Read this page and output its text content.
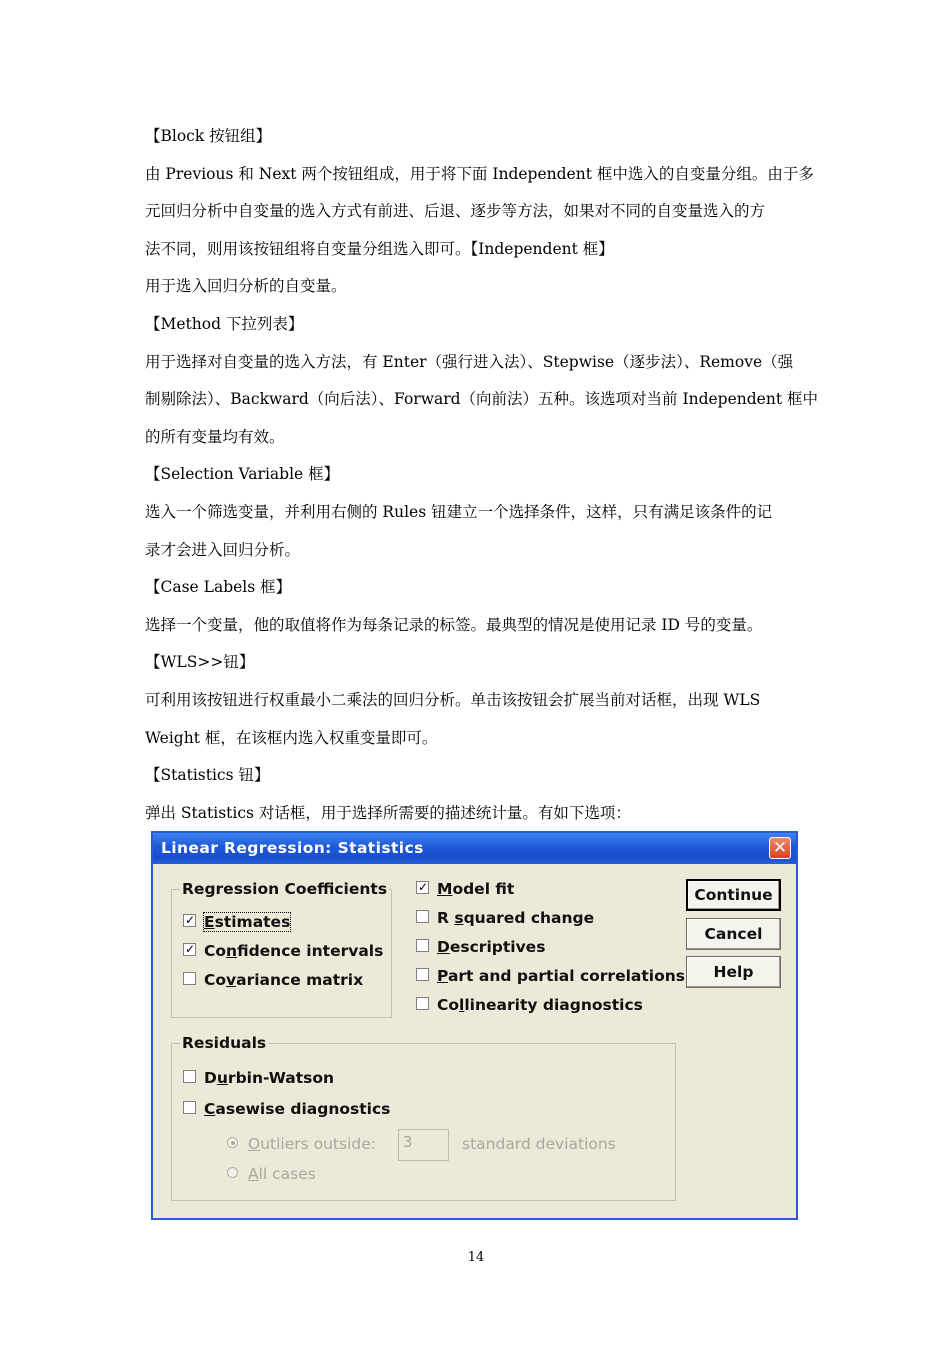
【Block 按钮组】

由 Previous 和 Next 两个按钮组成，用于将下面 Independent 框中选入的自变量分组。由于多

元回归分析中自变量的选入方式有前进、后退、逐步等方法，如果对不同的自变量选入的方

法不同，则用该按钮组将自变量分组选入即可。【Independent 框】

用于选入回归分析的自变量。

【Method 下拉列表】

用于选择对自变量的选入方法，有 Enter（强行进入法）、Stepwise（逐步法）、Remove（强

制剔除法）、Backward（向后法）、Forward（向前法）五种。该选项对当前 Independent 框中

的所有变量均有效。

【Selection Variable 框】

选入一个筛选变量，并利用右侧的 Rules 钮建立一个选择条件，这样，只有满足该条件的记

录才会进入回归分析。

【Case Labels 框】

选择一个变量，他的取值将作为每条记录的标签。最典型的情况是使用记录 ID 号的变量。

【WLS>>钮】

可利用该按钮进行权重最小二乘法的回归分析。单击该按钮会扩展当前对话框，出现 WLS

Weight 框，在该框内选入权重变量即可。

【Statistics 钮】

弹出 Statistics 对话框，用于选择所需要的描述统计量。有如下选项：

Linear Regression: Statistics	✕
Regression Coefficients
✓ Estimates
✓ Confidence intervals
Covariance matrix
✓ Model fit
R squared change
Descriptives
Part and partial correlations
Collinearity diagnostics
Continue
Cancel
Help
Residuals
Durbin-Watson
Casewise diagnostics
Outliers outside:	3	standard deviations
All cases
14
